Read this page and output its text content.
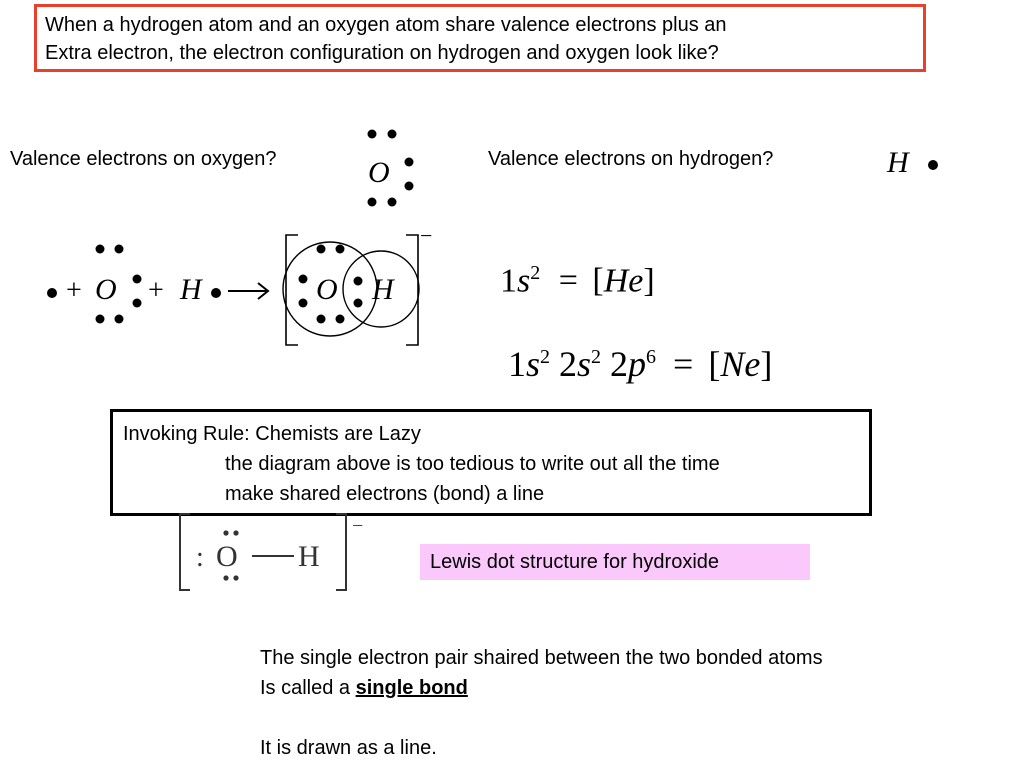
When a hydrogen atom and an oxygen atom share valence electrons plus an
Extra electron, the electron configuration on hydrogen and oxygen look like?
Valence electrons on oxygen?	Valence electrons on hydrogen?
O	H
+ O + H
−
O H	$1s^2 = [He]$
$1s^2$ $2s^2$ $2p^6 = [Ne]$
Invoking Rule: Chemists are Lazy
the diagram above is too tedious to write out all the time
make shared electrons (bond) a line
−
: O H	Lewis dot structure for hydroxide
The single electron pair shaired between the two bonded atoms
Is called a single bond
It is drawn as a line.
